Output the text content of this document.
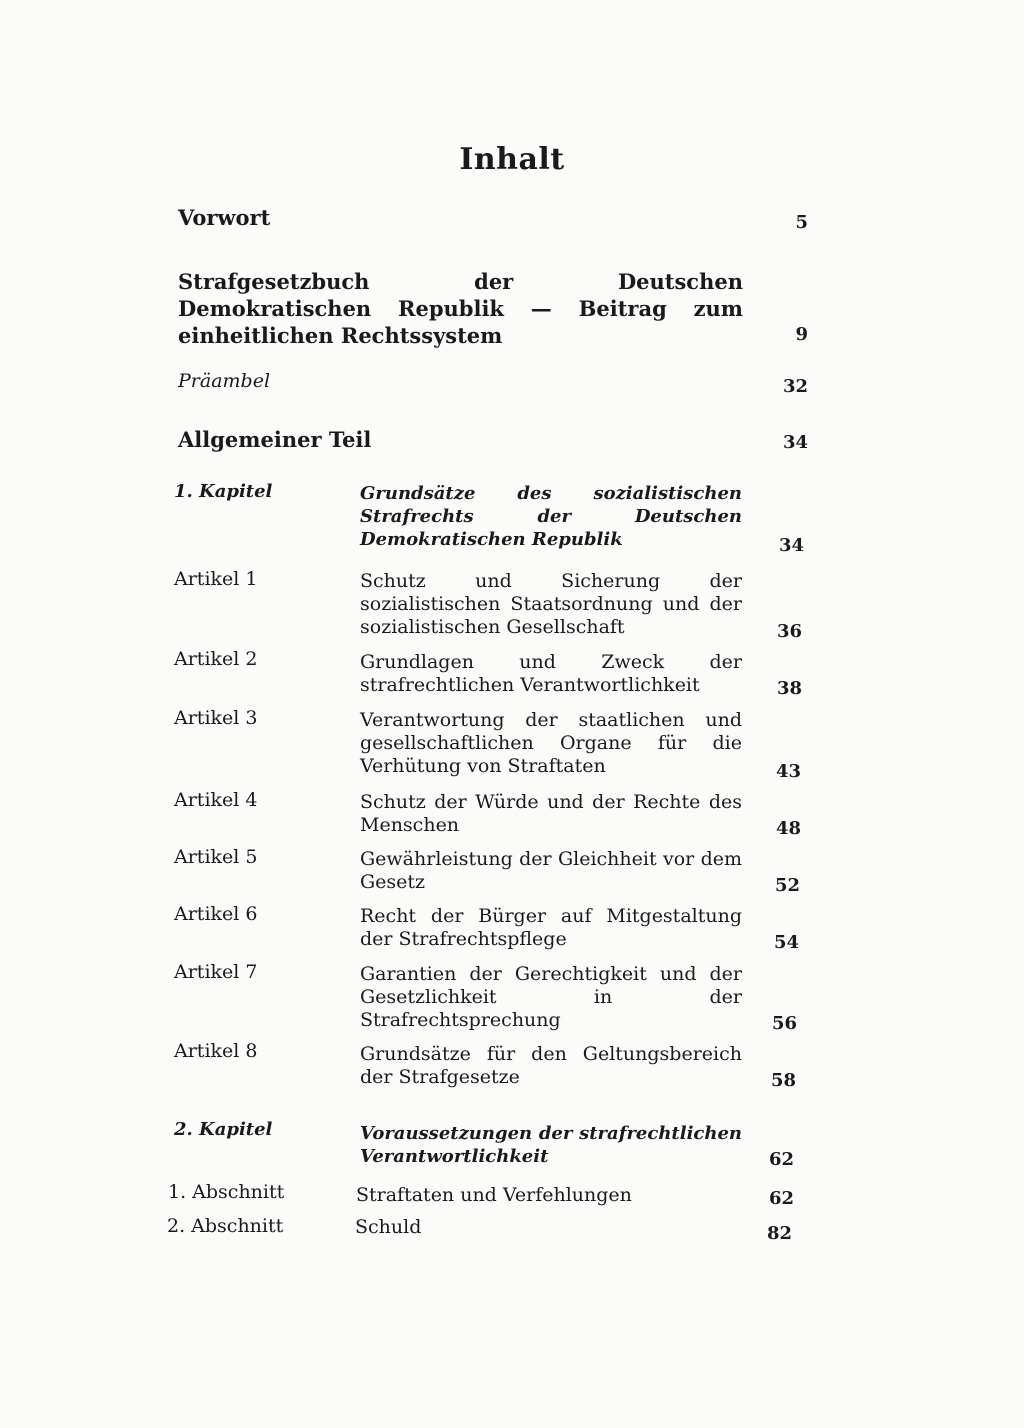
Inhalt
Vorwort	5
Strafgesetzbuch der Deutschen Demokratischen Republik — Beitrag zum einheitlichen Rechtssystem	9
Präambel	32
Allgemeiner Teil	34
1. Kapitel	Grundsätze des sozialistischen Strafrechts der Deutschen Demokratischen Republik	34
Artikel 1	Schutz und Sicherung der sozialistischen Staatsordnung und der sozialistischen Gesellschaft	36
Artikel 2	Grundlagen und Zweck der strafrechtlichen Verantwortlichkeit	38
Artikel 3	Verantwortung der staatlichen und gesellschaftlichen Organe für die Verhütung von Straftaten	43
Artikel 4	Schutz der Würde und der Rechte des Menschen	48
Artikel 5	Gewährleistung der Gleichheit vor dem Gesetz	52
Artikel 6	Recht der Bürger auf Mitgestaltung der Strafrechtspflege	54
Artikel 7	Garantien der Gerechtigkeit und der Gesetzlichkeit in der Strafrechtsprechung	56
Artikel 8	Grundsätze für den Geltungsbereich der Strafgesetze	58
2. Kapitel	Voraussetzungen der strafrechtlichen Verantwortlichkeit	62
1. Abschnitt	Straftaten und Verfehlungen	62
2. Abschnitt	Schuld	82
